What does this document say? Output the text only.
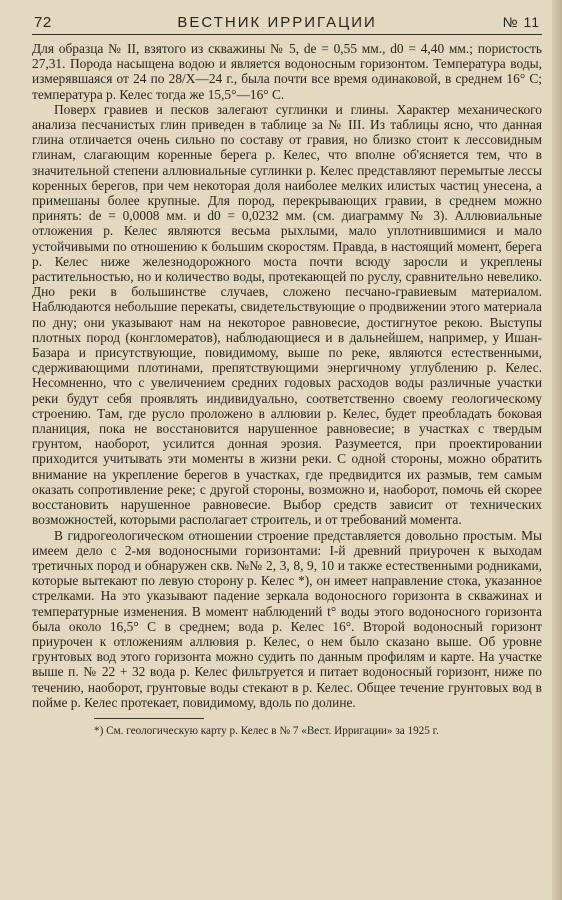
72	ВЕСТНИК ИРРИГАЦИИ	№ 11

Для образца № II, взятого из скважины № 5, dе = 0,55 мм., d0 = 4,40 мм.; пористость 27,31. Порода насыщена водою и является водоносным горизонтом. Температура воды, измерявшаяся от 24 по 28/X—24 г., была почти все время одинаковой, в среднем 16° С; температура р. Келес тогда же 15,5°—16° С.

Поверх гравиев и песков залегают суглинки и глины. Характер механического анализа песчанистых глин приведен в таблице за № III. Из таблицы ясно, что данная глина отличается очень сильно по составу от гравия, но близко стоит к лессовидным глинам, слагающим коренные берега р. Келес, что вполне об'ясняется тем, что в значительной степени аллювиальные суглинки р. Келес представляют перемытые лессы коренных берегов, при чем некоторая доля наиболее мелких илистых частиц унесена, а примешаны более крупные. Для пород, перекрывающих гравии, в среднем можно принять: dе = 0,0008 мм. и d0 = 0,0232 мм. (см. диаграмму № 3). Аллювиальные отложения р. Келес являются весьма рыхлыми, мало уплотнившимися и мало устойчивыми по отношению к большим скоростям. Правда, в настоящий момент, берега р. Келес ниже железнодорожного моста почти всюду заросли и укреплены растительностью, но и количество воды, протекающей по руслу, сравнительно невелико. Дно реки в большинстве случаев, сложено песчано-гравиевым материалом. Наблюдаются небольшие перекаты, свидетельствующие о продвижении этого материала по дну; они указывают нам на некоторое равновесие, достигнутое рекою. Выступы плотных пород (конгломератов), наблюдающиеся и в дальнейшем, например, у Ишан-Базара и присутствующие, повидимому, выше по реке, являются естественными, сдерживающими плотинами, препятствующими энергичному углублению р. Келес. Несомненно, что с увеличением средних годовых расходов воды различные участки реки будут себя проявлять индивидуально, соответственно своему геологическому строению. Там, где русло проложено в аллювии р. Келес, будет преобладать боковая планиция, пока не восстановится нарушенное равновесие; в участках с твердым грунтом, наоборот, усилится донная эрозия. Разумеется, при проектировании приходится учитывать эти моменты в жизни реки. С одной стороны, можно обратить внимание на укрепление берегов в участках, где предвидится их размыв, тем самым оказать сопротивление реке; с другой стороны, возможно и, наоборот, помочь ей скорее восстановить нарушенное равновесие. Выбор средств зависит от технических возможностей, которыми располагает строитель, и от требований момента.

В гидрогеологическом отношении строение представляется довольно простым. Мы имеем дело с 2-мя водоносными горизонтами: I-й древний приурочен к выходам третичных пород и обнаружен скв. №№ 2, 3, 8, 9, 10 и также естественными родниками, которые вытекают по левую сторону р. Келес *), он имеет направление стока, указанное стрелками. На это указывают падение зеркала водоносного горизонта в скважинах и температурные изменения. В момент наблюдений t° воды этого водоносного горизонта была около 16,5° С в среднем; вода р. Келес 16°. Второй водоносный горизонт приурочен к отложениям аллювия р. Келес, о нем было сказано выше. Об уровне грунтовых вод этого горизонта можно судить по данным профилям и карте. На участке выше п. № 22 + 32 вода р. Келес фильтруется и питает водоносный горизонт, ниже по течению, наоборот, грунтовые воды стекают в р. Келес. Общее течение грунтовых вод в пойме р. Келес протекает, повидимому, вдоль по долине.

*) См. геологическую карту р. Келес в № 7 «Вест. Ирригации» за 1925 г.
